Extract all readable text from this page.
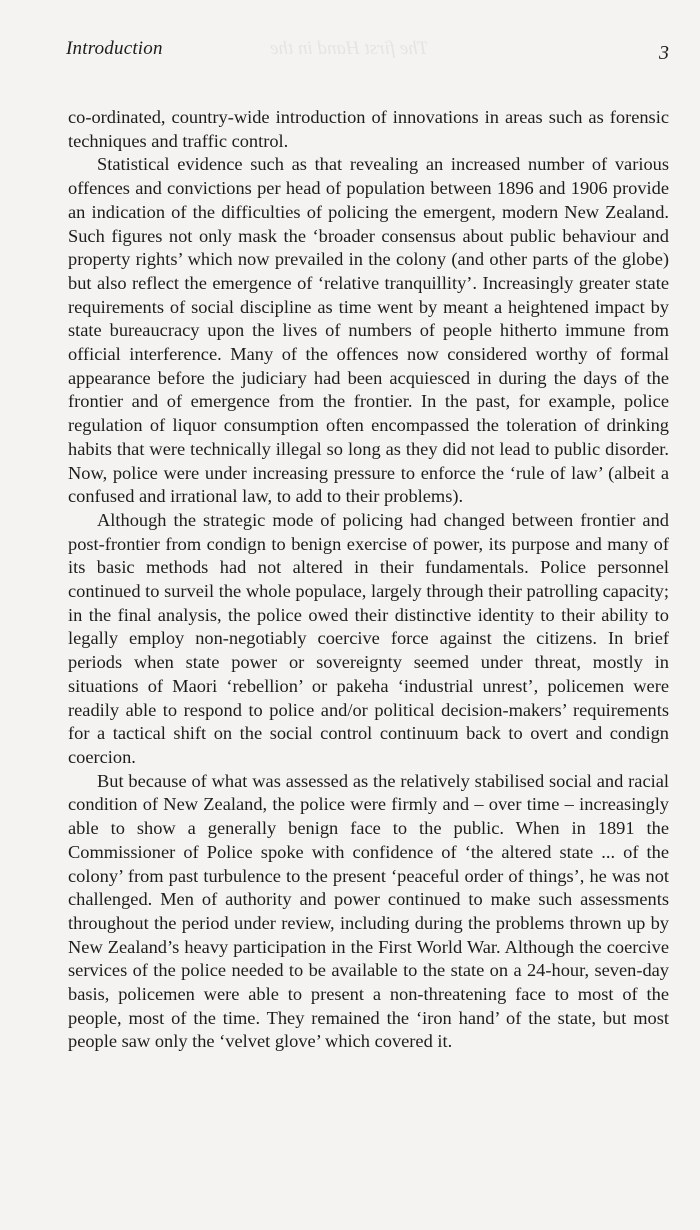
Introduction	The first Hand in the	3

co-ordinated, country-wide introduction of innovations in areas such as forensic techniques and traffic control.

Statistical evidence such as that revealing an increased number of various offences and convictions per head of population between 1896 and 1906 provide an indication of the difficulties of policing the emergent, modern New Zealand. Such figures not only mask the ‘broader consensus about public behaviour and property rights’ which now prevailed in the colony (and other parts of the globe) but also reflect the emergence of ‘relative tranquillity’. Increasingly greater state requirements of social discipline as time went by meant a heightened impact by state bureaucracy upon the lives of numbers of people hitherto immune from official interference. Many of the offences now considered worthy of formal appearance before the judiciary had been acquiesced in during the days of the frontier and of emergence from the frontier. In the past, for example, police regulation of liquor consumption often encompassed the toleration of drinking habits that were technically illegal so long as they did not lead to public disorder. Now, police were under increasing pressure to enforce the ‘rule of law’ (albeit a confused and irrational law, to add to their problems).

Although the strategic mode of policing had changed between frontier and post-frontier from condign to benign exercise of power, its purpose and many of its basic methods had not altered in their fundamentals. Police personnel continued to surveil the whole populace, largely through their patrolling capacity; in the final analysis, the police owed their distinctive identity to their ability to legally employ non-negotiably coercive force against the citizens. In brief periods when state power or sovereignty seemed under threat, mostly in situations of Maori ‘rebellion’ or pakeha ‘industrial unrest’, policemen were readily able to respond to police and/or political decision-makers’ requirements for a tactical shift on the social control continuum back to overt and condign coercion.

But because of what was assessed as the relatively stabilised social and racial condition of New Zealand, the police were firmly and – over time – increasingly able to show a generally benign face to the public. When in 1891 the Commissioner of Police spoke with confidence of ‘the altered state ... of the colony’ from past turbulence to the present ‘peaceful order of things’, he was not challenged. Men of authority and power continued to make such assessments throughout the period under review, including during the problems thrown up by New Zealand’s heavy participation in the First World War. Although the coercive services of the police needed to be available to the state on a 24-hour, seven-day basis, policemen were able to present a non-threatening face to most of the people, most of the time. They remained the ‘iron hand’ of the state, but most people saw only the ‘velvet glove’ which covered it.
